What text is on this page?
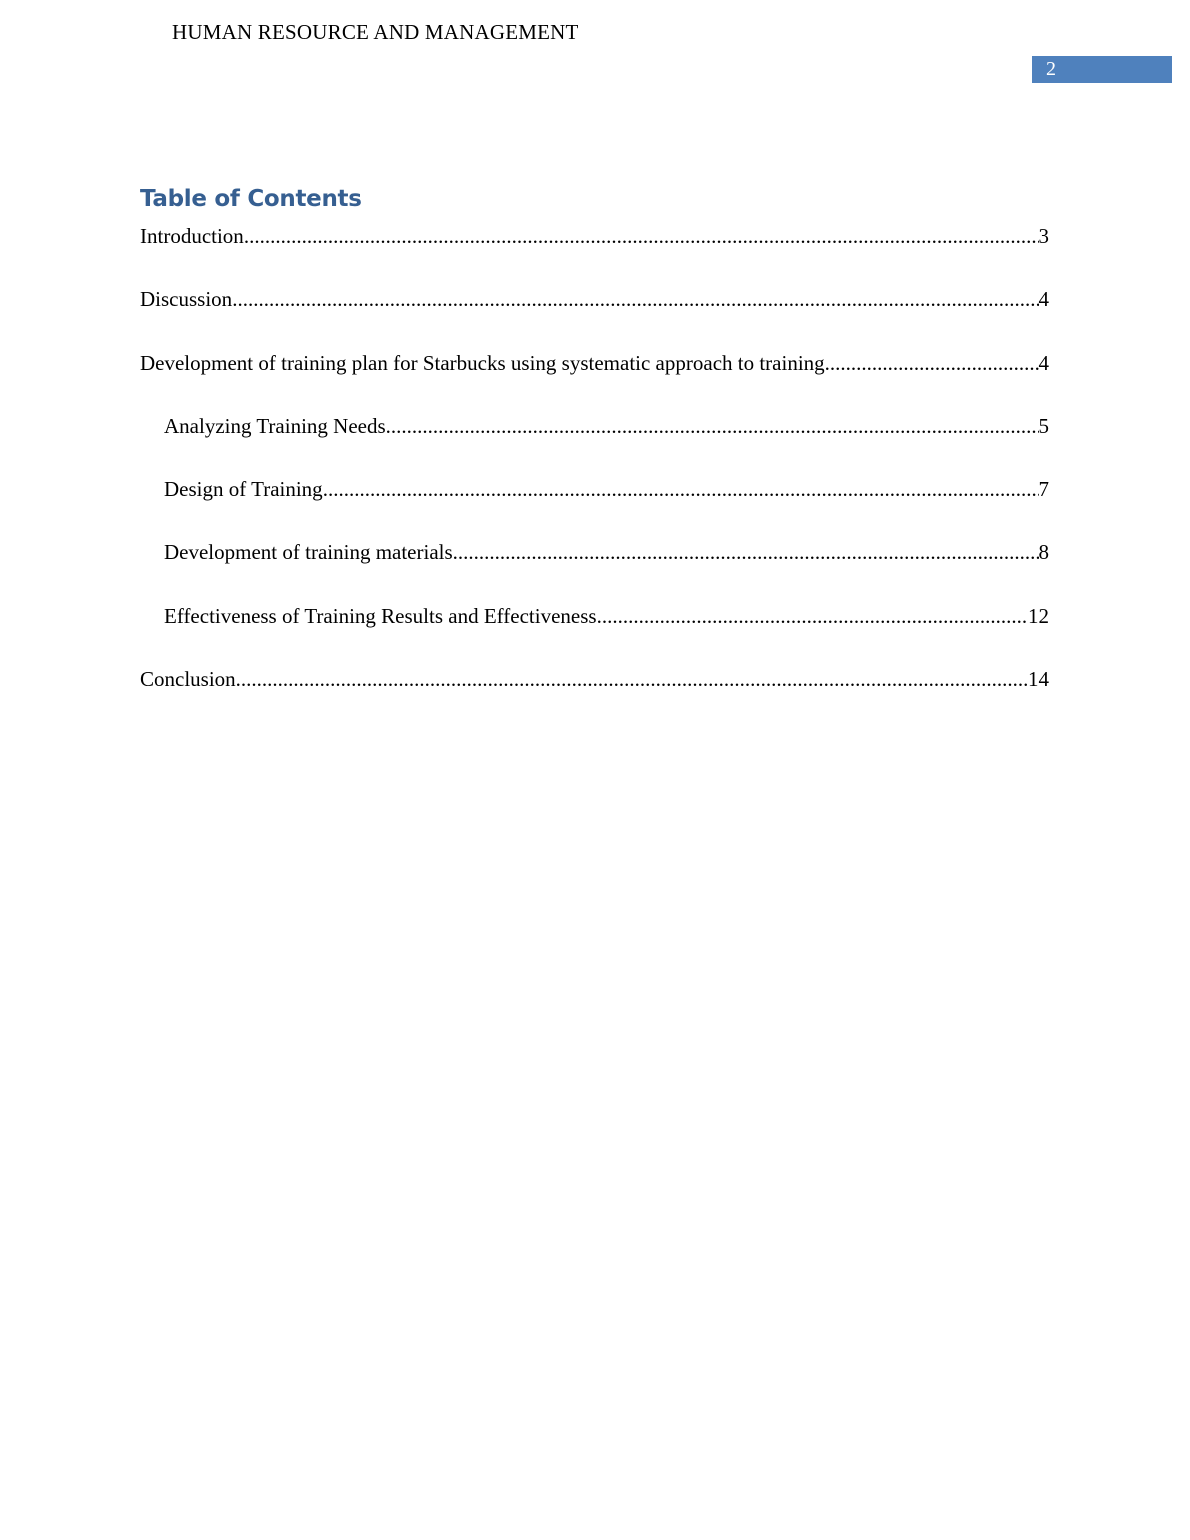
HUMAN RESOURCE AND MANAGEMENT
2
Table of Contents
Introduction .....	3
Discussion .....	4
Development of training plan for Starbucks using systematic approach to training .....	4
Analyzing Training Needs .....	5
Design of Training .....	7
Development of training materials .....	8
Effectiveness of Training Results and Effectiveness .....	12
Conclusion .....	14
